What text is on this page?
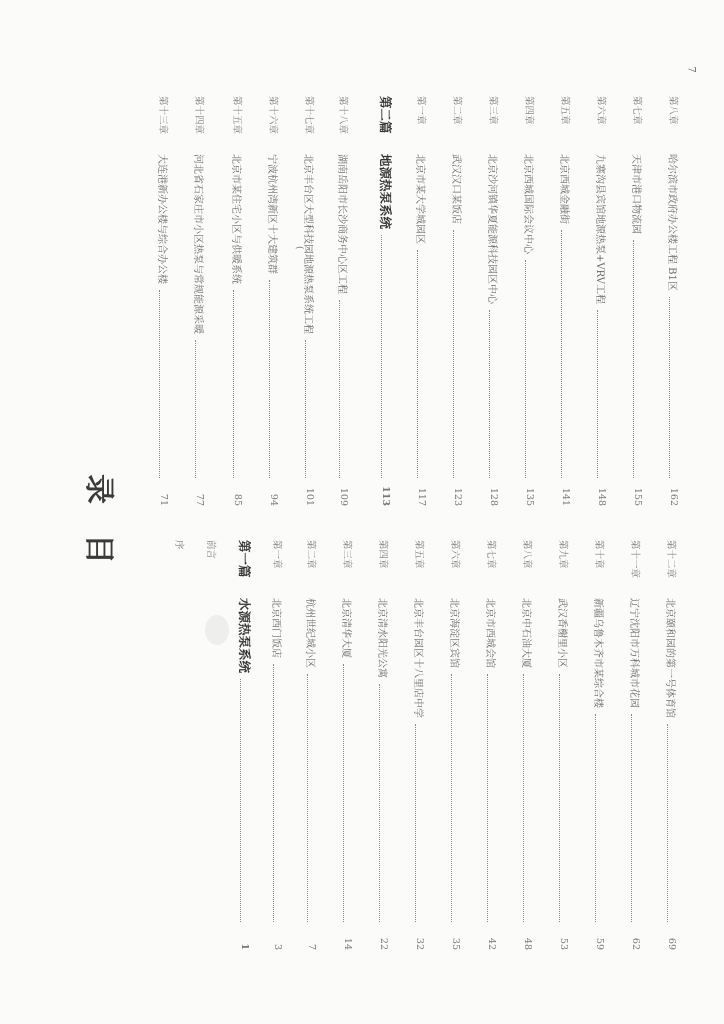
7
目
录
序	前言 第一篇
水源热泵系统
1
第一章
北京西门饭店
3
第二章
杭州世纪城小区
7
第三章
北京清华大厦
14
第四章
北京清水阳光公寓
22
第五章
北京丰台园区十八里店中学
32
第六章
北京海淀区宾馆
35
第七章
北京市西城会馆
42
第八章
北京中石油大厦
48
第九章
武汉香榭里小区
53
第十章
新疆乌鲁木齐市某综合楼
59
第十一章
辽宁沈阳市万科城市花园
62
第十二章
北京颐和园的第一号体育馆
69
第十三章
大连港新办公楼与综合办公楼
71
第十四章
河北省石家庄市小区热泵与常规能源采暖
77
第十五章
北京市某住宅小区与供暖系统
85
第十六章
宁波杭州湾新区十大建筑群
94
第十七章
北京丰台区大型科技园地源热泵系统工程
101
(
第十八章
湖南岳阳市长沙商务中心区工程
109
第二篇
地源热泵系统
113
第一章
北京市某大学城园区
117
第二章
武汉汉口某饭店
123
第三章
北京沙河镇华夏能源科技园区中心
128
第四章
北京西城国际会议中心
135
第五章
北京西城金融街
141
第六章
九寨沟县宾馆地源热泵+VRV工程
148
第七章
天津市港口物流园
155
第八章
哈尔滨市政府办公楼工程 B1区
162
